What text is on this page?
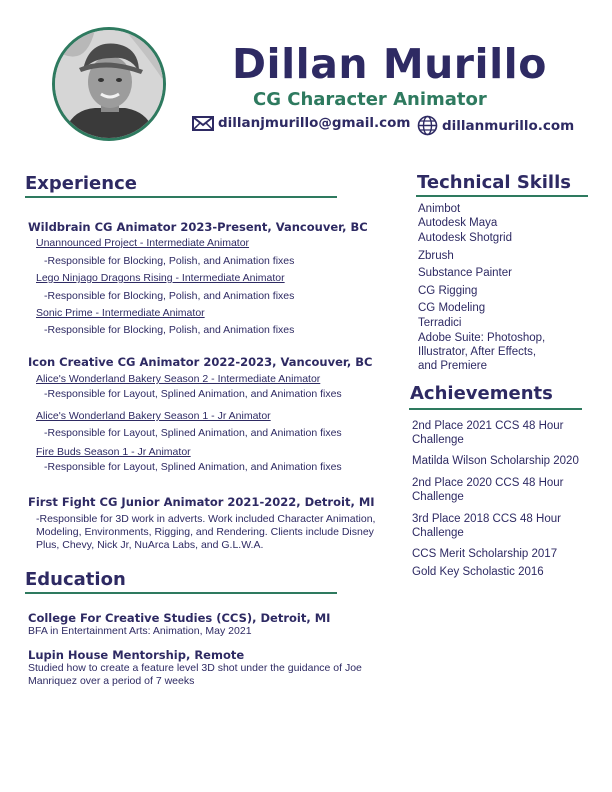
Dillan Murillo
CG Character Animator
dillanjmurillo@gmail.com dillanmurillo.com
Experience
Wildbrain CG Animator 2023-Present, Vancouver, BC
Unannounced Project - Intermediate Animator
-Responsible for Blocking, Polish, and Animation fixes
Lego Ninjago Dragons Rising - Intermediate Animator
-Responsible for Blocking, Polish, and Animation fixes
Sonic Prime - Intermediate Animator
-Responsible for Blocking, Polish, and Animation fixes
Icon Creative CG Animator 2022-2023, Vancouver, BC
Alice's Wonderland Bakery Season 2 - Intermediate Animator
-Responsible for Layout, Splined Animation, and Animation fixes
Alice's Wonderland Bakery Season 1 - Jr Animator
-Responsible for Layout, Splined Animation, and Animation fixes
Fire Buds Season 1 - Jr Animator
-Responsible for Layout, Splined Animation, and Animation fixes
First Fight CG Junior Animator 2021-2022, Detroit, MI
-Responsible for 3D work in adverts. Work included Character Animation, Modeling, Environments, Rigging, and Rendering. Clients include Disney Plus, Chevy, Nick Jr, NuArca Labs, and G.L.W.A.
Education
College For Creative Studies (CCS), Detroit, MI
BFA in Entertainment Arts: Animation, May 2021
Lupin House Mentorship, Remote
Studied how to create a feature level 3D shot under the guidance of Joe Manriquez over a period of 7 weeks
Technical Skills
Animbot
Autodesk Maya
Autodesk Shotgrid
Zbrush
Substance Painter
CG Rigging
CG Modeling
Terradici
Adobe Suite: Photoshop,
Illustrator, After Effects,
and Premiere
Achievements
2nd Place 2021 CCS 48 Hour Challenge
Matilda Wilson Scholarship 2020
2nd Place 2020 CCS 48 Hour Challenge
3rd Place 2018 CCS 48 Hour Challenge
CCS Merit Scholarship 2017
Gold Key Scholastic 2016
